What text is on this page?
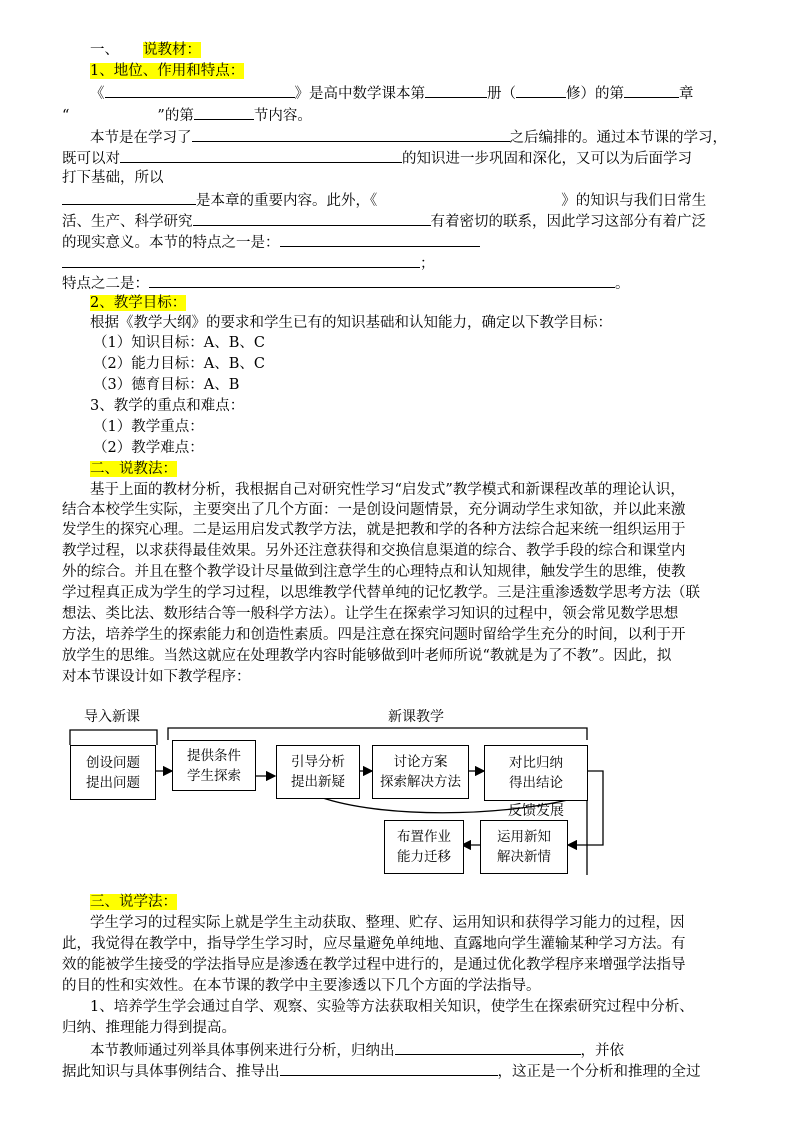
一、 说教材：
1、地位、作用和特点：
《	》是高中数学课本第	册（	修）的第	章
“	”的第	节内容。
本节是在学习了	之后编排的。通过本节课的学习，
既可以对	的知识进一步巩固和深化，又可以为后面学习
打下基础，所以
是本章的重要内容。此外，《	》的知识与我们日常生
活、生产、科学研究	有着密切的联系，因此学习这部分有着广泛
的现实意义。本节的特点之一是：
；
特点之二是：	。
2、教学目标：
根据《教学大纲》的要求和学生已有的知识基础和认知能力，确定以下教学目标：
（1）知识目标：A、B、C
（2）能力目标：A、B、C
（3）德育目标：A、B
3、教学的重点和难点：
（1）教学重点：
（2）教学难点：
二、说教法：
基于上面的教材分析，我根据自己对研究性学习“启发式”教学模式和新课程改革的理论认识，
结合本校学生实际，主要突出了几个方面：一是创设问题情景，充分调动学生求知欲，并以此来激
发学生的探究心理。二是运用启发式教学方法，就是把教和学的各种方法综合起来统一组织运用于
教学过程，以求获得最佳效果。另外还注意获得和交换信息渠道的综合、教学手段的综合和课堂内
外的综合。并且在整个教学设计尽量做到注意学生的心理特点和认知规律，触发学生的思维，使教
学过程真正成为学生的学习过程，以思维教学代替单纯的记忆教学。三是注重渗透数学思考方法（联
想法、类比法、数形结合等一般科学方法）。让学生在探索学习知识的过程中，领会常见数学思想
方法，培养学生的探索能力和创造性素质。四是注意在探究问题时留给学生充分的时间，以利于开
放学生的思维。当然这就应在处理教学内容时能够做到叶老师所说“教就是为了不教”。因此，拟
对本节课设计如下教学程序：
导入新课	新课教学
反馈发展
创设问题
提出问题
提供条件
学生探索
引导分析
提出新疑
讨论方案
探索解决方法
对比归纳
得出结论
运用新知
解决新情
布置作业
能力迁移
三、说学法：
学生学习的过程实际上就是学生主动获取、整理、贮存、运用知识和获得学习能力的过程，因
此，我觉得在教学中，指导学生学习时，应尽量避免单纯地、直露地向学生灌输某种学习方法。有
效的能被学生接受的学法指导应是渗透在教学过程中进行的，是通过优化教学程序来增强学法指导
的目的性和实效性。在本节课的教学中主要渗透以下几个方面的学法指导。
1、培养学生学会通过自学、观察、实验等方法获取相关知识，使学生在探索研究过程中分析、
归纳、推理能力得到提高。
本节教师通过列举具体事例来进行分析，归纳出	，并依
据此知识与具体事例结合、推导出	，这正是一个分析和推理的全过
